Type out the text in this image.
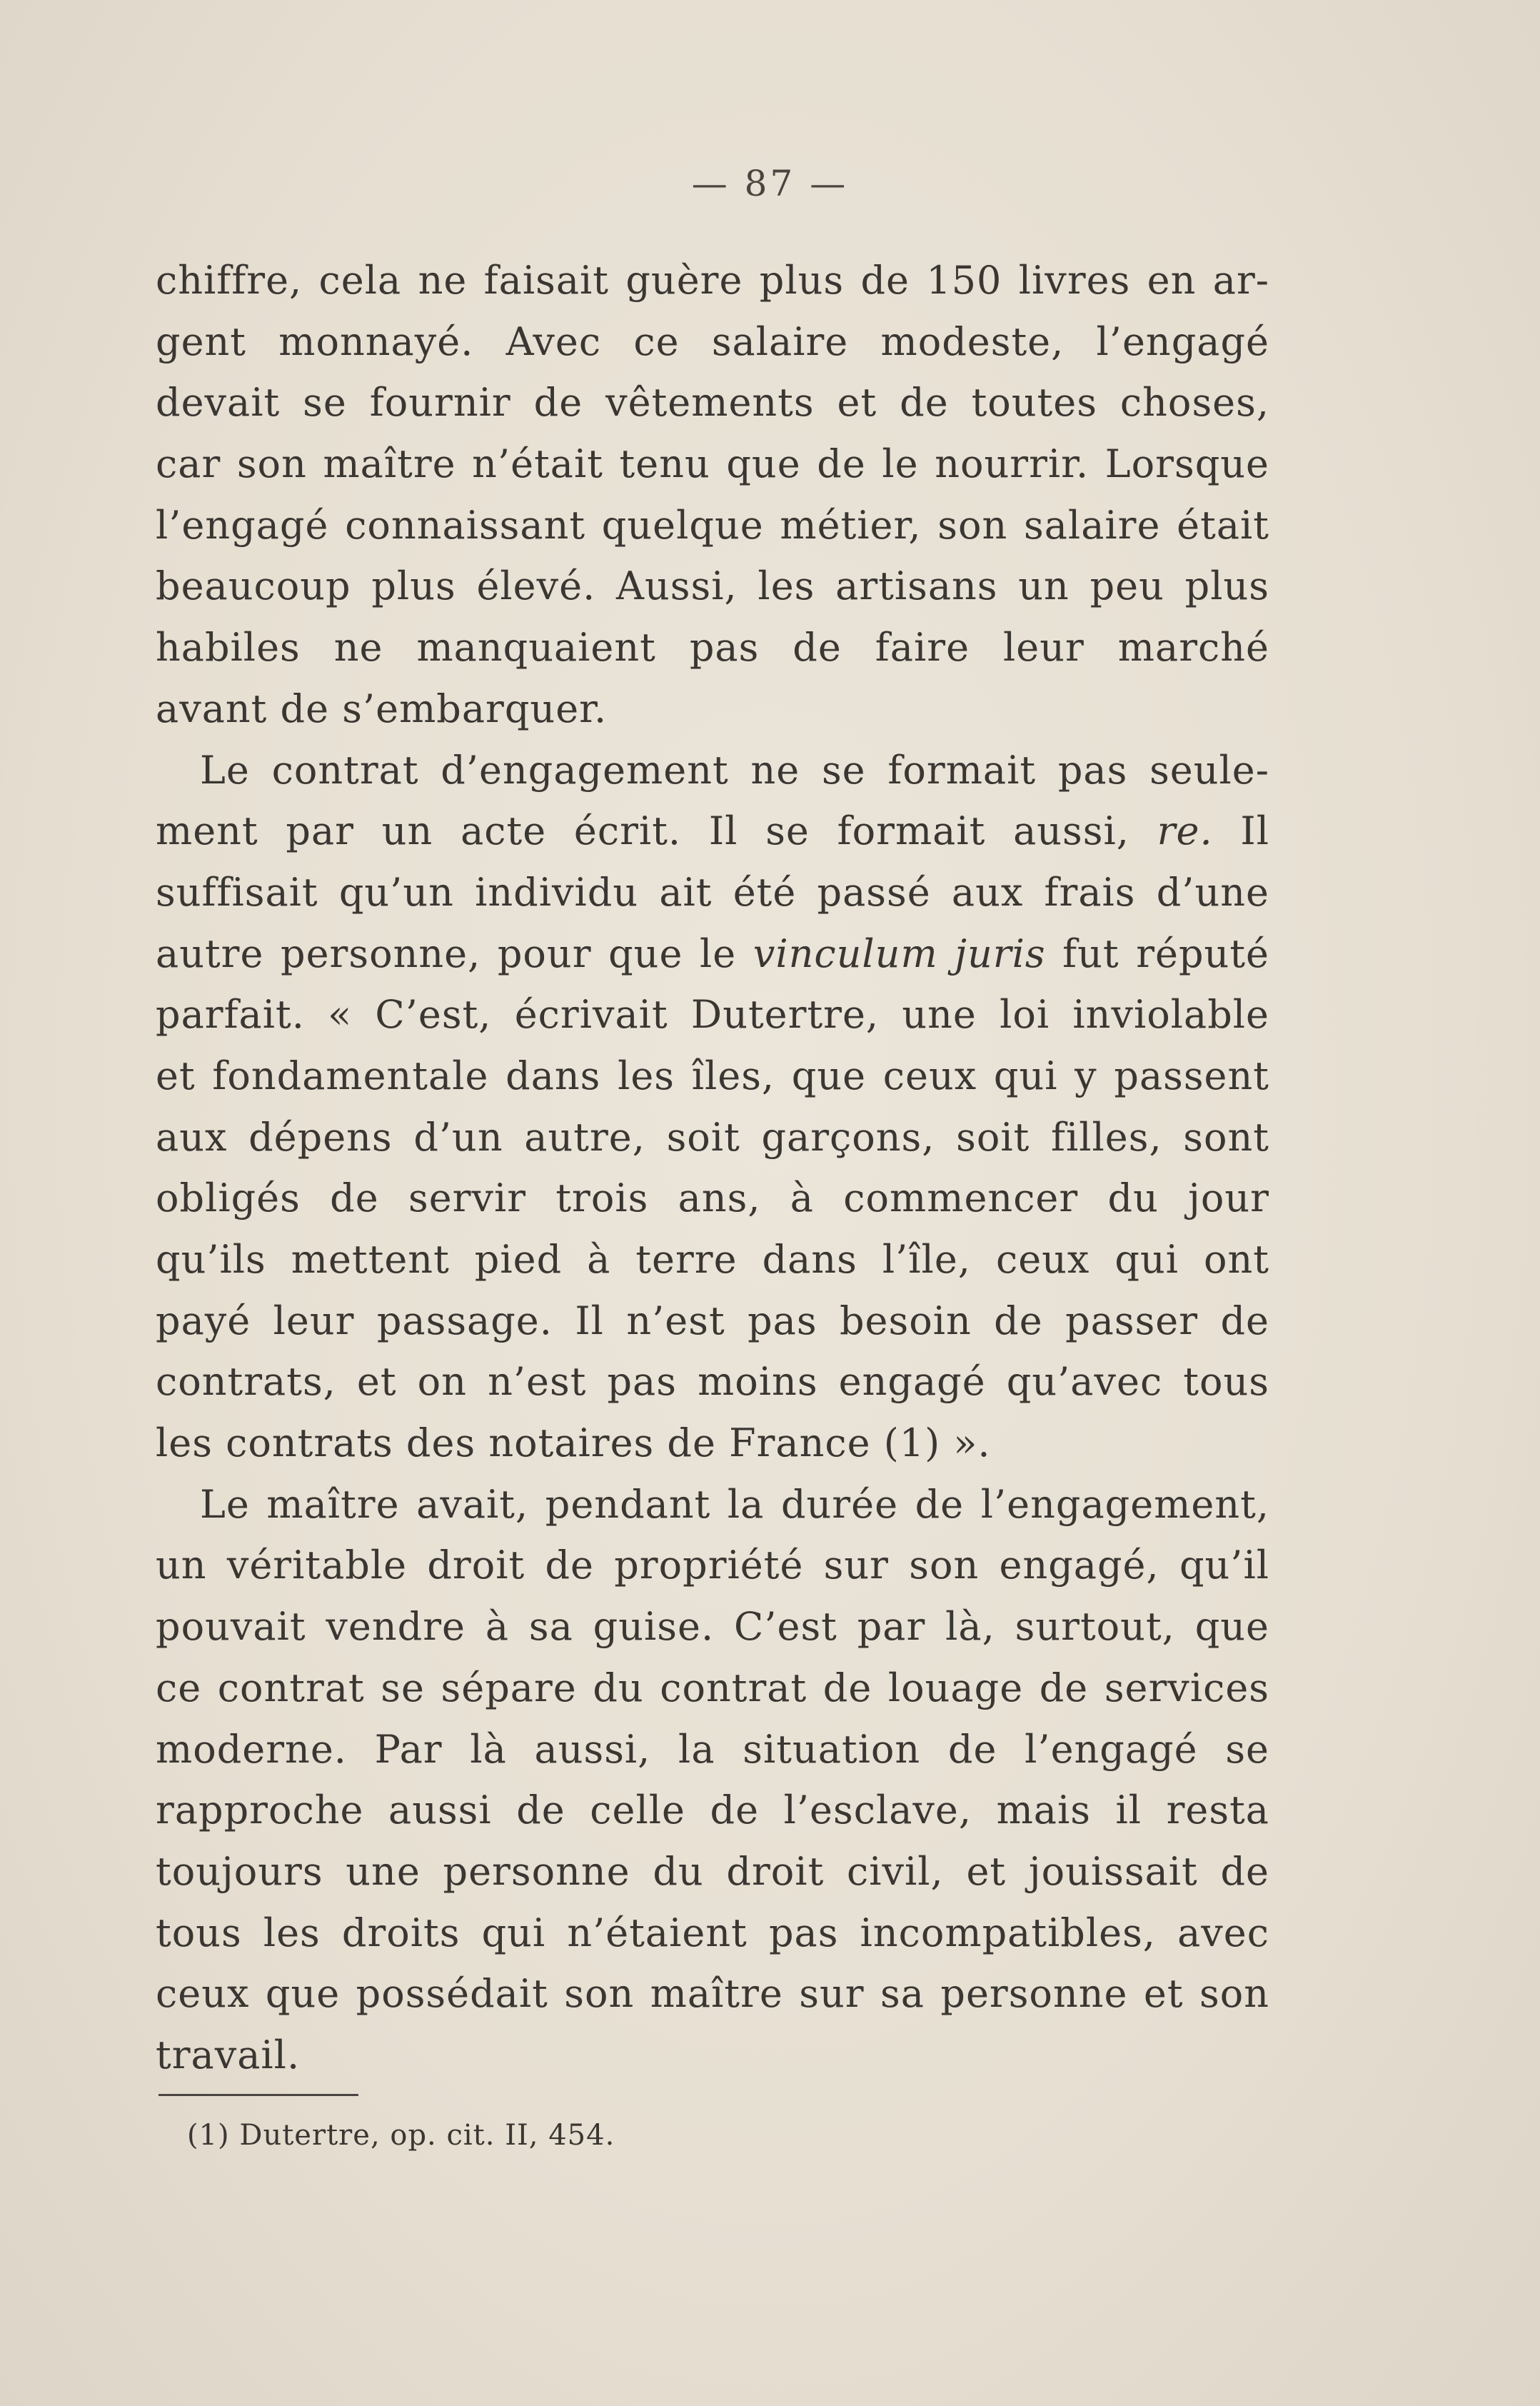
— 87 —
chiffre, cela ne faisait guère plus de 150 livres en ar-
gent monnayé. Avec ce salaire modeste, l’engagé
devait se fournir de vêtements et de toutes choses,
car son maître n’était tenu que de le nourrir. Lorsque
l’engagé connaissant quelque métier, son salaire était
beaucoup plus élevé. Aussi, les artisans un peu plus
habiles ne manquaient pas de faire leur marché
avant de s’embarquer.
Le contrat d’engagement ne se formait pas seule-
ment par un acte écrit. Il se formait aussi, re. Il
suffisait qu’un individu ait été passé aux frais d’une
autre personne, pour que le vinculum juris fut réputé
parfait. « C’est, écrivait Dutertre, une loi inviolable
et fondamentale dans les îles, que ceux qui y passent
aux dépens d’un autre, soit garçons, soit filles, sont
obligés de servir trois ans, à commencer du jour
qu’ils mettent pied à terre dans l’île, ceux qui ont
payé leur passage. Il n’est pas besoin de passer de
contrats, et on n’est pas moins engagé qu’avec tous
les contrats des notaires de France (1) ».
Le maître avait, pendant la durée de l’engagement,
un véritable droit de propriété sur son engagé, qu’il
pouvait vendre à sa guise. C’est par là, surtout, que
ce contrat se sépare du contrat de louage de services
moderne. Par là aussi, la situation de l’engagé se
rapproche aussi de celle de l’esclave, mais il resta
toujours une personne du droit civil, et jouissait de
tous les droits qui n’étaient pas incompatibles, avec
ceux que possédait son maître sur sa personne et son
travail.
(1) Dutertre, op. cit. II, 454.
